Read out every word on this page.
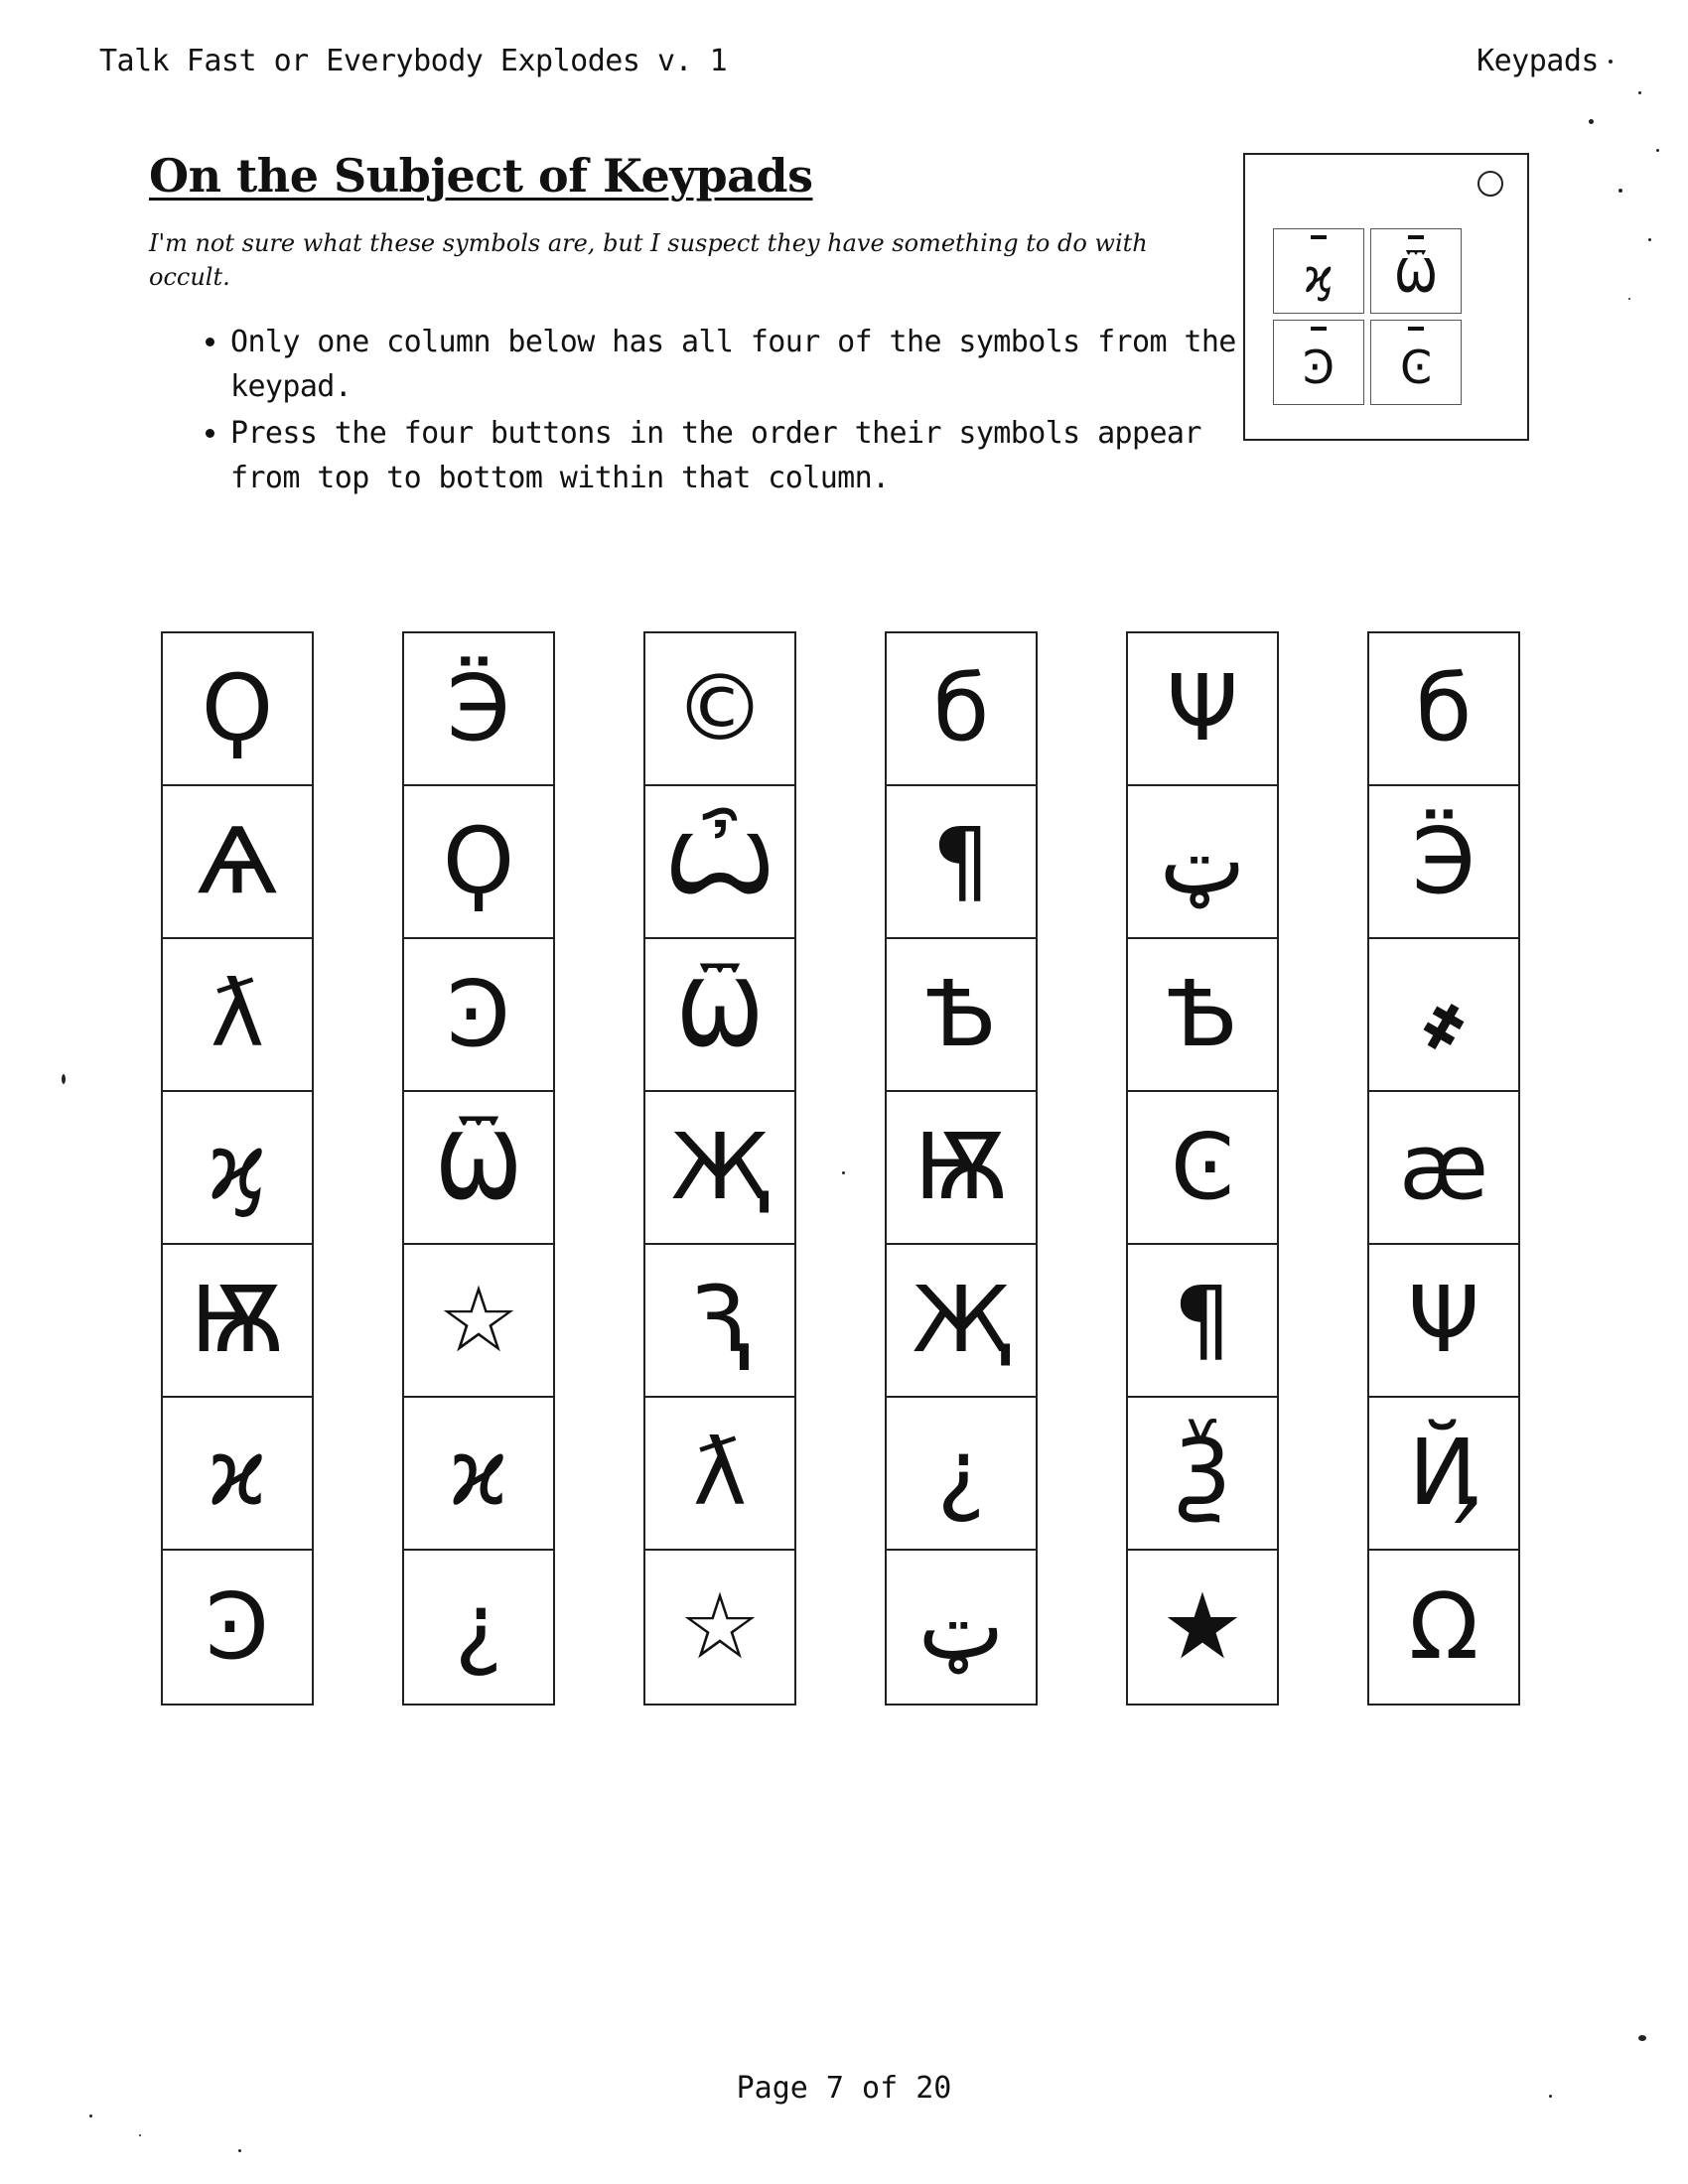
Talk Fast or Everybody Explodes v. 1	Keypads
On the Subject of Keypads

I'm not sure what these symbols are, but I suspect they have something to do with occult.

• Only one column below has all four of the symbols from the keypad.
• Press the four buttons in the order their symbols appear from top to bottom within that column.
ϗ Ѿ
Ͽ Ͼ
Ϙ
Ѧ
ƛ
ϗ
Ѭ
ϰ
Ͽ
Ӭ
Ϙ
Ͽ
Ѿ
☆
ϰ
¿
©
Ѽ
Ѿ
Җ
Ԇ
ƛ
☆
б
¶
Ѣ
Ѭ
Җ
¿
ټ
Ψ
ټ
Ѣ
Ͼ
¶
Ѯ
★
б
Ӭ
҂
æ
Ψ
Ҋ
Ω
Page 7 of 20
